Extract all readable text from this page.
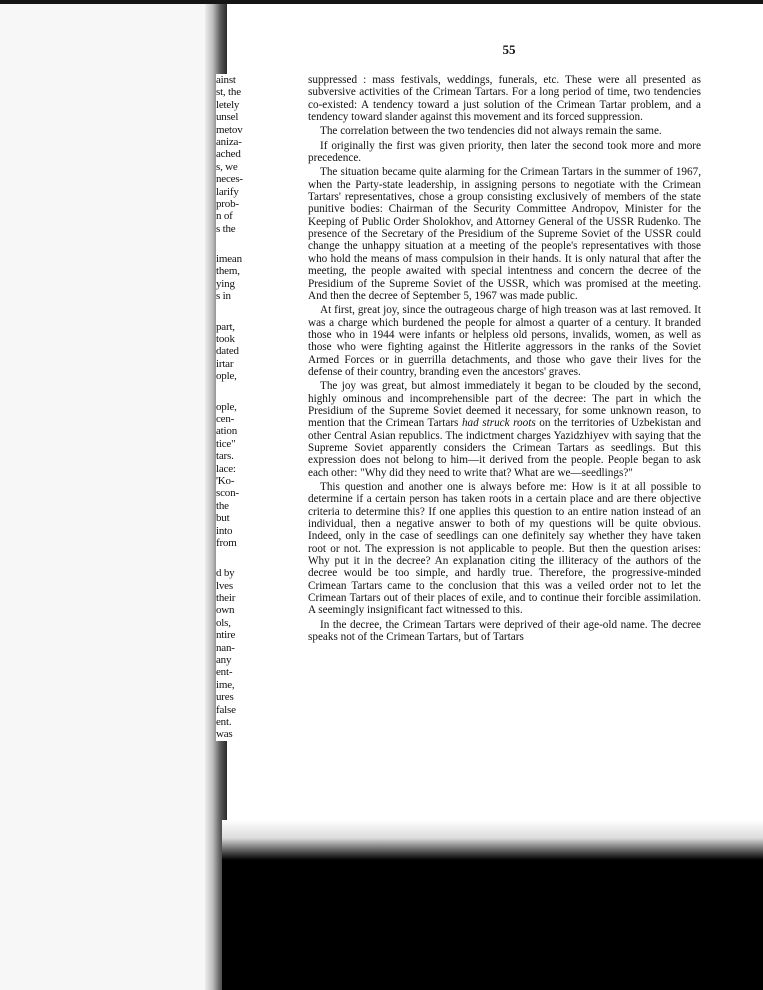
ainst
st, the
letely
unsel
metov
aniza-
ached
s, we
neces-
larify
prob-
n of
s the
imean
them,
ying
s in
part,
took
dated
irtar
ople,
ople,
cen-
ation
tice"
tars.
lace:
'Ko-
scon-
the
but
into
from
d by
lves
their
own
ols,
ntire
nan-
any
ent-
ime,
ures
false
ent.
was
55

suppressed : mass festivals, weddings, funerals, etc. These were all presented as subversive activities of the Crimean Tartars. For a long period of time, two tendencies co-existed: A tendency toward a just solution of the Crimean Tartar problem, and a tendency toward slander against this movement and its forced suppression.

The correlation between the two tendencies did not always remain the same.

If originally the first was given priority, then later the second took more and more precedence.

The situation became quite alarming for the Crimean Tartars in the summer of 1967, when the Party-state leadership, in assigning persons to negotiate with the Crimean Tartars' representatives, chose a group consisting exclusively of members of the state punitive bodies: Chairman of the Security Committee Andropov, Minister for the Keeping of Public Order Sholokhov, and Attorney General of the USSR Rudenko. The presence of the Secretary of the Presidium of the Supreme Soviet of the USSR could change the unhappy situation at a meeting of the people's representatives with those who hold the means of mass compulsion in their hands. It is only natural that after the meeting, the people awaited with special intentness and concern the decree of the Presidium of the Supreme Soviet of the USSR, which was promised at the meeting. And then the decree of September 5, 1967 was made public.

At first, great joy, since the outrageous charge of high treason was at last removed. It was a charge which burdened the people for almost a quarter of a century. It branded those who in 1944 were infants or helpless old persons, invalids, women, as well as those who were fighting against the Hitlerite aggressors in the ranks of the Soviet Armed Forces or in guerrilla detachments, and those who gave their lives for the defense of their country, branding even the ancestors' graves.

The joy was great, but almost immediately it began to be clouded by the second, highly ominous and incomprehensible part of the decree: The part in which the Presidium of the Supreme Soviet deemed it necessary, for some unknown reason, to mention that the Crimean Tartars had struck roots on the territories of Uzbekistan and other Central Asian republics. The indictment charges Yazidzhiyev with saying that the Supreme Soviet apparently considers the Crimean Tartars as seedlings. But this expression does not belong to him—it derived from the people. People began to ask each other: "Why did they need to write that? What are we—seedlings?"

This question and another one is always before me: How is it at all possible to determine if a certain person has taken roots in a certain place and are there objective criteria to determine this? If one applies this question to an entire nation instead of an individual, then a negative answer to both of my questions will be quite obvious. Indeed, only in the case of seedlings can one definitely say whether they have taken root or not. The expression is not applicable to people. But then the question arises: Why put it in the decree? An explanation citing the illiteracy of the authors of the decree would be too simple, and hardly true. Therefore, the progressive-minded Crimean Tartars came to the conclusion that this was a veiled order not to let the Crimean Tartars out of their places of exile, and to continue their forcible assimilation. A seemingly insignificant fact witnessed to this.

In the decree, the Crimean Tartars were deprived of their age-old name. The decree speaks not of the Crimean Tartars, but of Tartars
